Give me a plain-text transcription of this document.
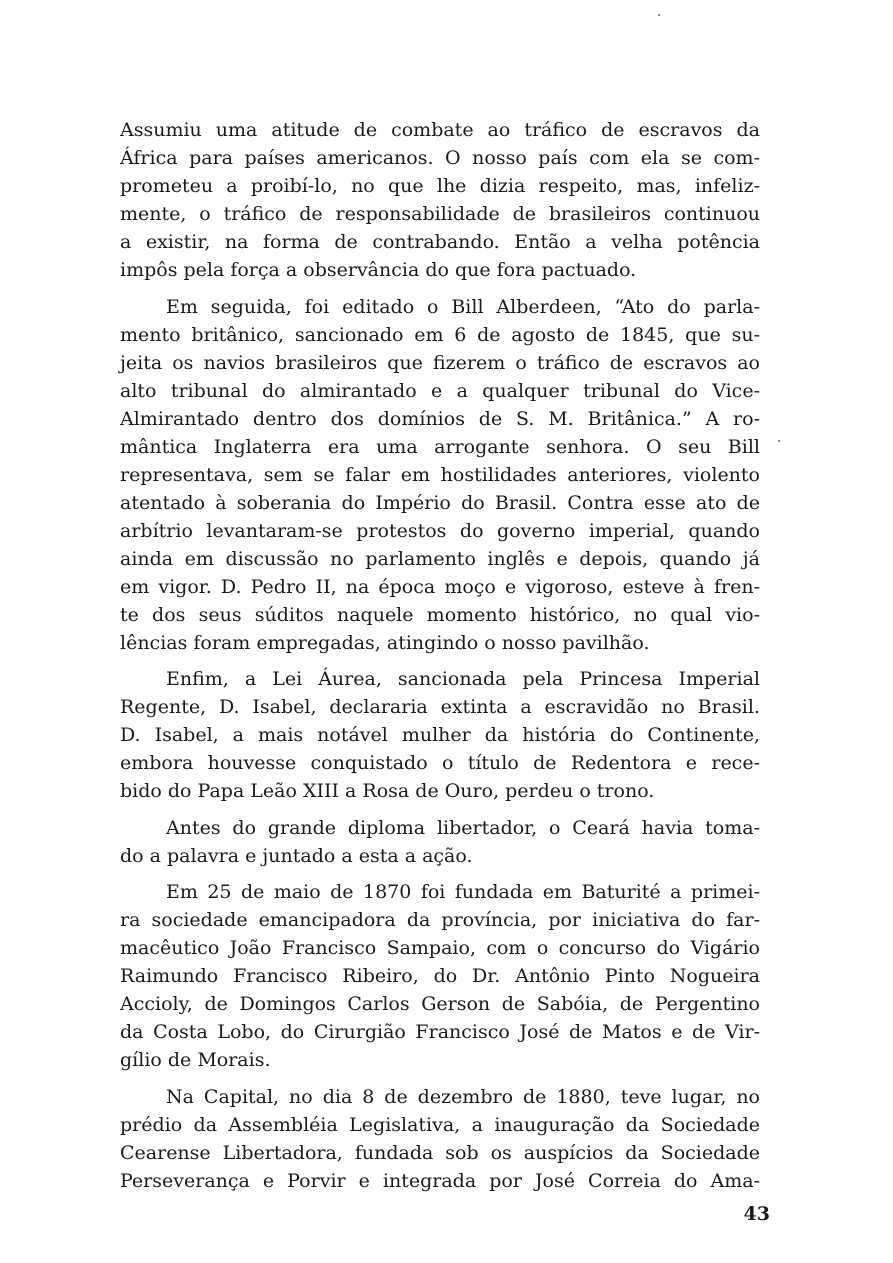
Assumiu uma atitude de combate ao tráfico de escravos da
África para países americanos. O nosso país com ela se com-
prometeu a proibí-lo, no que lhe dizia respeito, mas, infeliz-
mente, o tráfico de responsabilidade de brasileiros continuou
a existir, na forma de contrabando. Então a velha potência
impôs pela força a observância do que fora pactuado.
Em seguida, foi editado o Bill Alberdeen, “Ato do parla-
mento britânico, sancionado em 6 de agosto de 1845, que su-
jeita os navios brasileiros que fizerem o tráfico de escravos ao
alto tribunal do almirantado e a qualquer tribunal do Vice-
Almirantado dentro dos domínios de S. M. Britânica.” A ro-
mântica Inglaterra era uma arrogante senhora. O seu Bill
representava, sem se falar em hostilidades anteriores, violento
atentado à soberania do Império do Brasil. Contra esse ato de
arbítrio levantaram-se protestos do governo imperial, quando
ainda em discussão no parlamento inglês e depois, quando já
em vigor. D. Pedro II, na época moço e vigoroso, esteve à fren-
te dos seus súditos naquele momento histórico, no qual vio-
lências foram empregadas, atingindo o nosso pavilhão.
Enfim, a Lei Áurea, sancionada pela Princesa Imperial
Regente, D. Isabel, declararia extinta a escravidão no Brasil.
D. Isabel, a mais notável mulher da história do Continente,
embora houvesse conquistado o título de Redentora e rece-
bido do Papa Leão XIII a Rosa de Ouro, perdeu o trono.
Antes do grande diploma libertador, o Ceará havia toma-
do a palavra e juntado a esta a ação.
Em 25 de maio de 1870 foi fundada em Baturité a primei-
ra sociedade emancipadora da província, por iniciativa do far-
macêutico João Francisco Sampaio, com o concurso do Vigário
Raimundo Francisco Ribeiro, do Dr. Antônio Pinto Nogueira
Accioly, de Domingos Carlos Gerson de Sabóia, de Pergentino
da Costa Lobo, do Cirurgião Francisco José de Matos e de Vir-
gílio de Morais.
Na Capital, no dia 8 de dezembro de 1880, teve lugar, no
prédio da Assembléia Legislativa, a inauguração da Sociedade
Cearense Libertadora, fundada sob os auspícios da Sociedade
Perseverança e Porvir e integrada por José Correia do Ama-
43
